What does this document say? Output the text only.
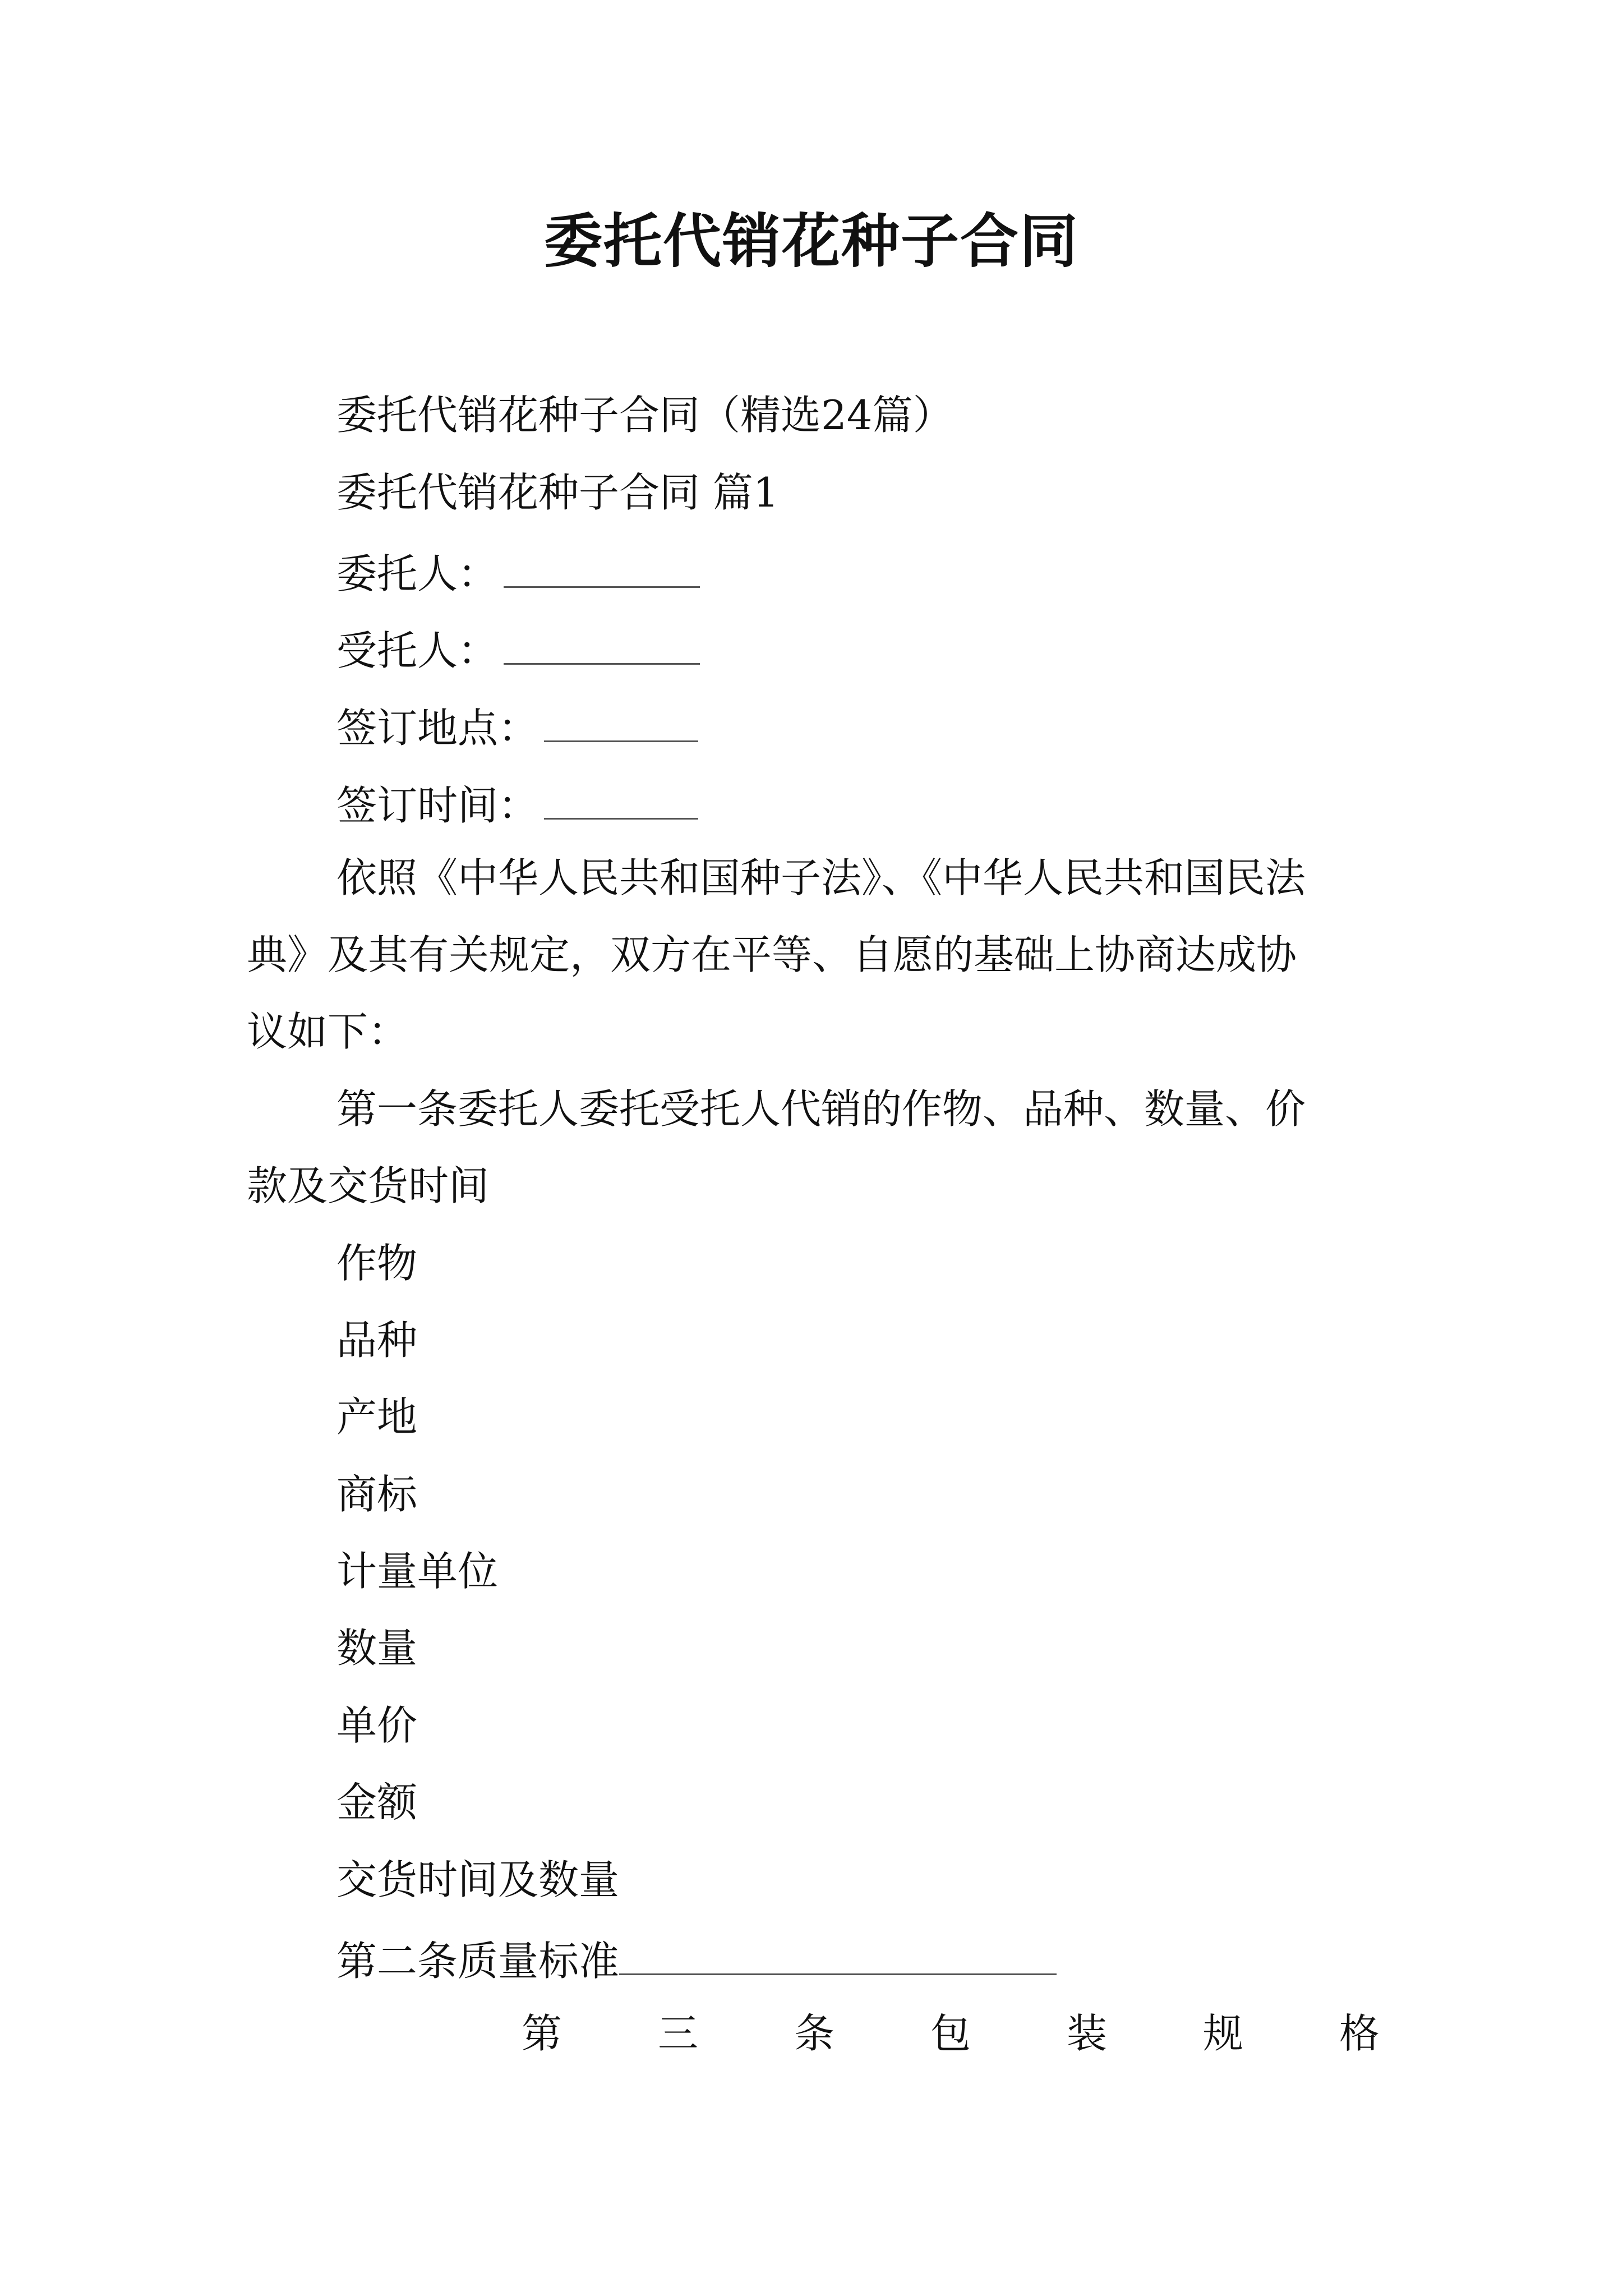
委托代销花种子合同
委托代销花种子合同（精选24篇）
委托代销花种子合同 篇1
委托人：
受托人：
签订地点：
签订时间：
依照《中华人民共和国种子法》、《中华人民共和国民法
典》及其有关规定，双方在平等、自愿的基础上协商达成协
议如下：
第一条委托人委托受托人代销的作物、品种、数量、价
款及交货时间
作物
品种
产地
商标
计量单位
数量
单价
金额
交货时间及数量
第二条质量标准
第 三 条 包 装 规 格
